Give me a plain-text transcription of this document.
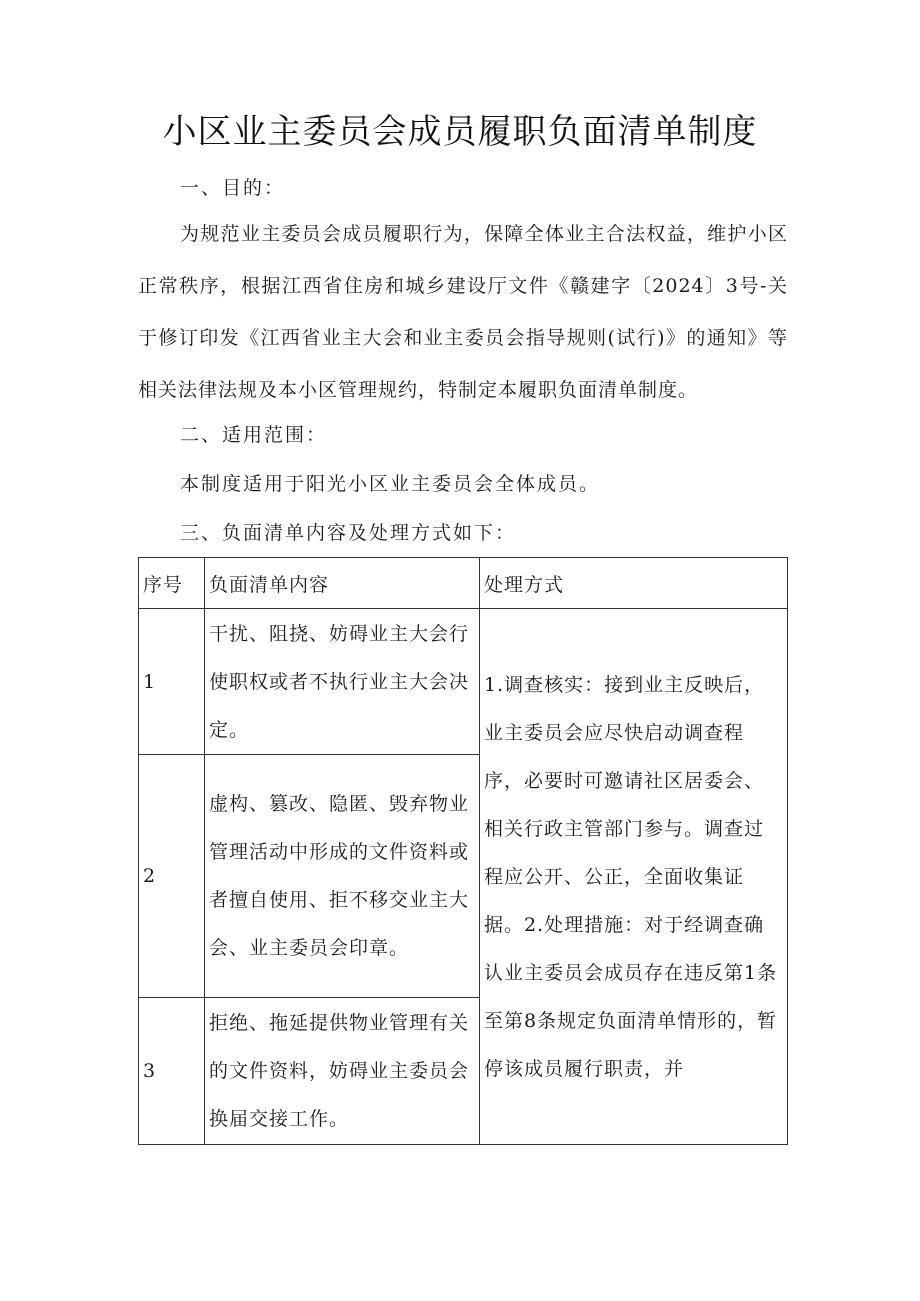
小区业主委员会成员履职负面清单制度
一、目的：
为规范业主委员会成员履职行为，保障全体业主合法权益，维护小区正常秩序，根据江西省住房和城乡建设厅文件《赣建字〔2024〕3号-关于修订印发《江西省业主大会和业主委员会指导规则(试行)》的通知》等相关法律法规及本小区管理规约，特制定本履职负面清单制度。
二、适用范围：
本制度适用于阳光小区业主委员会全体成员。
三、负面清单内容及处理方式如下：
序号	负面清单内容	处理方式
1	干扰、阻挠、妨碍业主大会行使职权或者不执行业主大会决定。	1.调查核实：接到业主反映后，业主委员会应尽快启动调查程序，必要时可邀请社区居委会、相关行政主管部门参与。调查过程应公开、公正，全面收集证据。2.处理措施：对于经调查确认业主委员会成员存在违反第1条至第8条规定负面清单情形的，暂停该成员履行职责，并

2	虚构、篡改、隐匿、毁弃物业管理活动中形成的文件资料或者擅自使用、拒不移交业主大会、业主委员会印章。	

3	拒绝、拖延提供物业管理有关的文件资料，妨碍业主委员会换届交接工作。	
